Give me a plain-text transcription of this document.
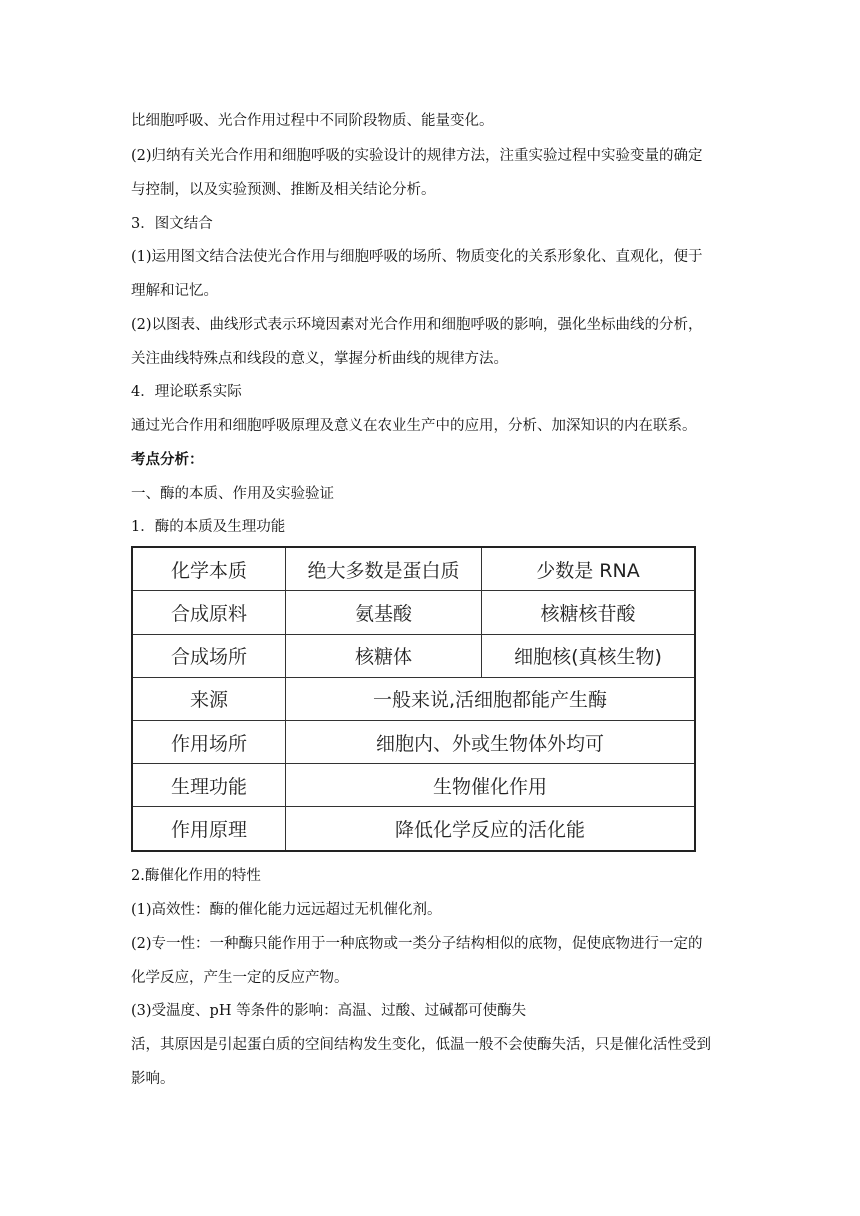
比细胞呼吸、光合作用过程中不同阶段物质、能量变化。

(2)归纳有关光合作用和细胞呼吸的实验设计的规律方法，注重实验过程中实验变量的确定

与控制，以及实验预测、推断及相关结论分析。

3．图文结合

(1)运用图文结合法使光合作用与细胞呼吸的场所、物质变化的关系形象化、直观化，便于

理解和记忆。

(2)以图表、曲线形式表示环境因素对光合作用和细胞呼吸的影响，强化坐标曲线的分析，

关注曲线特殊点和线段的意义，掌握分析曲线的规律方法。

4．理论联系实际

通过光合作用和细胞呼吸原理及意义在农业生产中的应用，分析、加深知识的内在联系。

考点分析：

一、酶的本质、作用及实验验证

1．酶的本质及生理功能

化学本质	绝大多数是蛋白质	少数是 RNA
合成原料	氨基酸	核糖核苷酸
合成场所	核糖体	细胞核(真核生物)
来源	一般来说,活细胞都能产生酶	
作用场所	细胞内、外或生物体外均可	
生理功能	生物催化作用	
作用原理	降低化学反应的活化能	

2.酶催化作用的特性

(1)高效性：酶的催化能力远远超过无机催化剂。

(2)专一性：一种酶只能作用于一种底物或一类分子结构相似的底物，促使底物进行一定的

化学反应，产生一定的反应产物。

(3)受温度、pH 等条件的影响：高温、过酸、过碱都可使酶失

活，其原因是引起蛋白质的空间结构发生变化，低温一般不会使酶失活，只是催化活性受到

影响。
